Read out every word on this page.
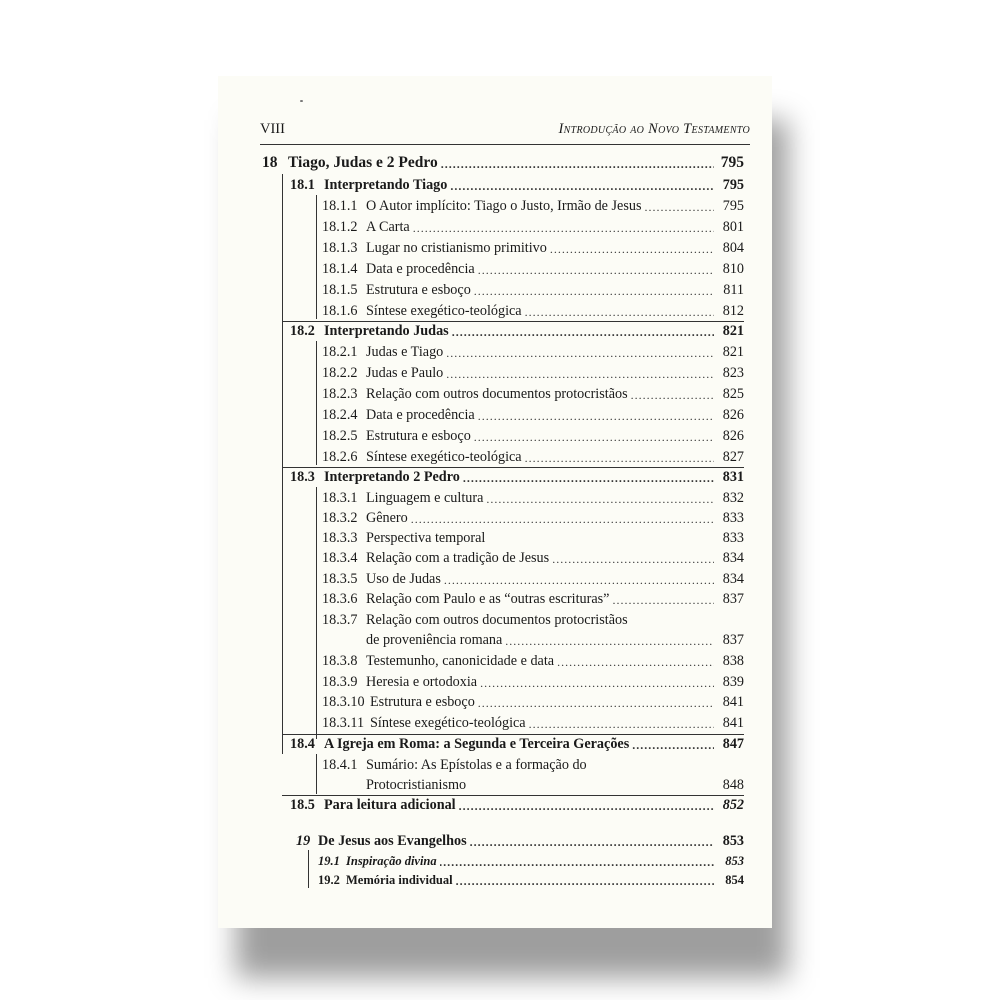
VIII	Introdução ao Novo Testamento
18 Tiago, Judas e 2 Pedro .....	795
18.1 Interpretando Tiago .....	795
18.1.1 O Autor implícito: Tiago o Justo, Irmão de Jesus .....	795
18.1.2 A Carta .....	801
18.1.3 Lugar no cristianismo primitivo .....	804
18.1.4 Data e procedência .....	810
18.1.5 Estrutura e esboço .....	811
18.1.6 Síntese exegético-teológica .....	812
18.2 Interpretando Judas .....	821
18.2.1 Judas e Tiago .....	821
18.2.2 Judas e Paulo .....	823
18.2.3 Relação com outros documentos protocristãos .....	825
18.2.4 Data e procedência .....	826
18.2.5 Estrutura e esboço .....	826
18.2.6 Síntese exegético-teológica .....	827
18.3 Interpretando 2 Pedro .....	831
18.3.1 Linguagem e cultura .....	832
18.3.2 Gênero .....	833
18.3.3 Perspectiva temporal	833
18.3.4 Relação com a tradição de Jesus .....	834
18.3.5 Uso de Judas .....	834
18.3.6 Relação com Paulo e as “outras escrituras” .....	837
18.3.7 Relação com outros documentos protocristãos
de proveniência romana .....	837
18.3.8 Testemunho, canonicidade e data .....	838
18.3.9 Heresia e ortodoxia .....	839
18.3.10 Estrutura e esboço .....	841
18.3.11 Síntese exegético-teológica .....	841
18.4 A Igreja em Roma: a Segunda e Terceira Gerações .....	847
18.4.1 Sumário: As Epístolas e a formação do
Protocristianismo	848
18.5 Para leitura adicional .....	852
19 De Jesus aos Evangelhos .....	853
19.1 Inspiração divina .....	853
19.2 Memória individual .....	854
